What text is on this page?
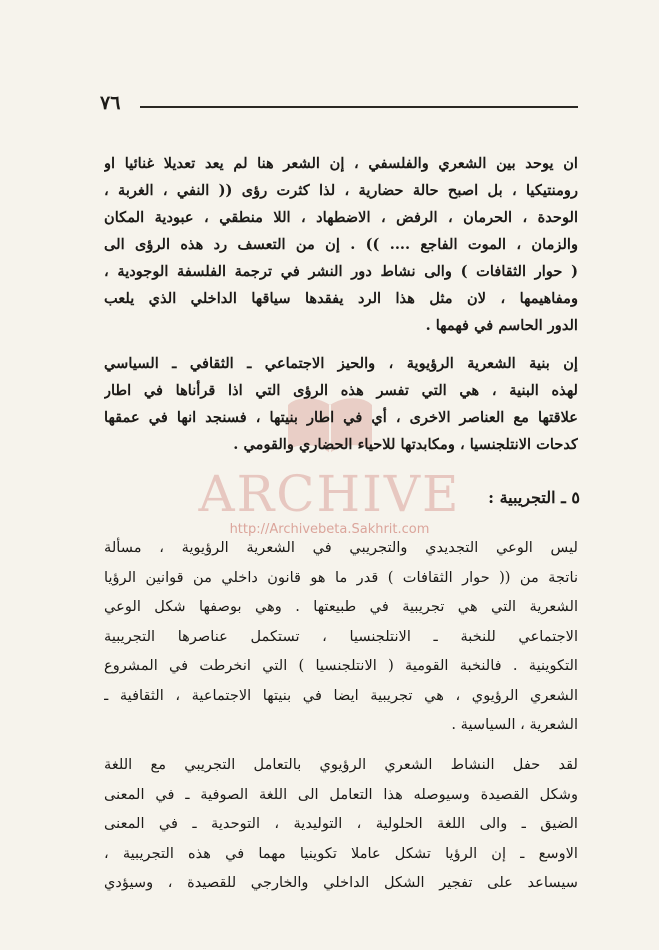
٧٦
ARCHIVE
http://Archivebeta.Sakhrit.com
ان يوحد بين الشعري والفلسفي ، إن الشعر هنا لم يعد تعديلا غنائيا او
رومنتيكيا ، بل اصبح حالة حضارية ، لذا كثرت رؤى (( النفي ، الغربة ،
الوحدة ، الحرمان ، الرفض ، الاضطهاد ، اللا منطقي ، عبودية المكان
والزمان ، الموت الفاجع .... )) . إن من التعسف رد هذه الرؤى الى
( حوار الثقافات ) والى نشاط دور النشر في ترجمة الفلسفة الوجودية ،
ومفاهيمها ، لان مثل هذا الرد يفقدها سياقها الداخلي الذي يلعب
الدور الحاسم في فهمها .
إن بنية الشعرية الرؤيوية ، والحيز الاجتماعي ـ الثقافي ـ السياسي
لهذه البنية ، هي التي تفسر هذه الرؤى التي اذا قرأناها في اطار
علاقتها مع العناصر الاخرى ، أي في اطار بنيتها ، فسنجد انها في عمقها
كدحات الانتلجنسيا ، ومكابدتها للاحياء الحضاري والقومي .
٥ ـ التجريبية :
ليس الوعي التجديدي والتجريبي في الشعرية الرؤيوية ، مسألة
ناتجة من (( حوار الثقافات ) قدر ما هو قانون داخلي من قوانين الرؤيا
الشعرية التي هي تجريبية في طبيعتها . وهي بوصفها شكل الوعي
الاجتماعي للنخبة ـ الانتلجنسيا ، تستكمل عناصرها التجريبية
التكوينية . فالنخبة القومية ( الانتلجنسيا ) التي انخرطت في المشروع
الشعري الرؤيوي ، هي تجريبية ايضا في بنيتها الاجتماعية ، الثقافية ـ
الشعرية ، السياسية .
لقد حفل النشاط الشعري الرؤيوي بالتعامل التجريبي مع اللغة
وشكل القصيدة وسيوصله هذا التعامل الى اللغة الصوفية ـ في المعنى
الضيق ـ والى اللغة الحلولية ، التوليدية ، التوحدية ـ في المعنى
الاوسع ـ إن الرؤيا تشكل عاملا تكوينيا مهما في هذه التجريبية ،
سيساعد على تفجير الشكل الداخلي والخارجي للقصيدة ، وسيؤدي
